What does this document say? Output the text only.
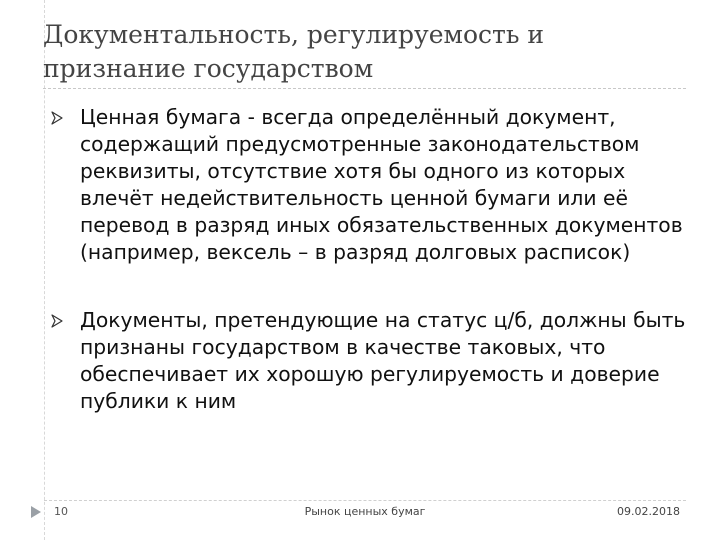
Документальность, регулируемость и признание государством
Ценная бумага - всегда определённый документ, содержащий предусмотренные законодательством реквизиты, отсутствие хотя бы одного из которых влечёт недействительность ценной бумаги или её перевод в разряд иных обязательственных документов (например, вексель – в разряд долговых расписок)
Документы, претендующие на статус ц/б, должны быть признаны государством в качестве таковых, что обеспечивает их хорошую регулируемость и доверие публики к ним
10	Рынок ценных бумаг	09.02.2018
